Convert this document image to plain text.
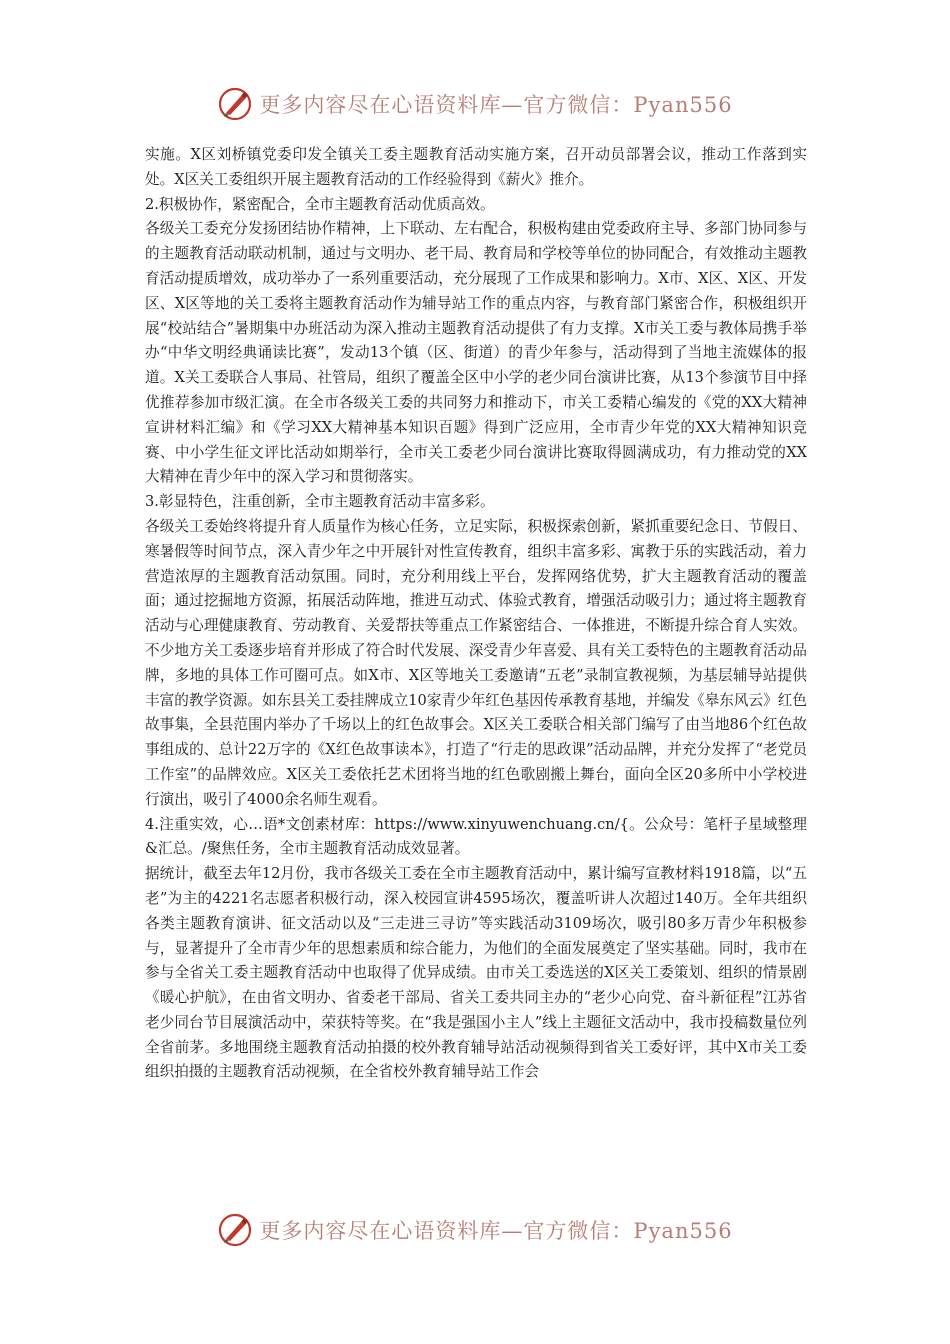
更多内容尽在心语资料库—官方微信：Pyan556

实施。X区刘桥镇党委印发全镇关工委主题教育活动实施方案，召开动员部署会议，推动工作落到实处。X区关工委组织开展主题教育活动的工作经验得到《薪火》推介。

2.积极协作，紧密配合，全市主题教育活动优质高效。

各级关工委充分发扬团结协作精神，上下联动、左右配合，积极构建由党委政府主导、多部门协同参与的主题教育活动联动机制，通过与文明办、老干局、教育局和学校等单位的协同配合，有效推动主题教育活动提质增效，成功举办了一系列重要活动，充分展现了工作成果和影响力。X市、X区、X区、开发区、X区等地的关工委将主题教育活动作为辅导站工作的重点内容，与教育部门紧密合作，积极组织开展“校站结合”暑期集中办班活动为深入推动主题教育活动提供了有力支撑。X市关工委与教体局携手举办“中华文明经典诵读比赛”，发动13个镇（区、街道）的青少年参与，活动得到了当地主流媒体的报道。X关工委联合人事局、社管局，组织了覆盖全区中小学的老少同台演讲比赛，从13个参演节目中择优推荐参加市级汇演。在全市各级关工委的共同努力和推动下，市关工委精心编发的《党的XX大精神宣讲材料汇编》和《学习XX大精神基本知识百题》得到广泛应用，全市青少年党的XX大精神知识竞赛、中小学生征文评比活动如期举行，全市关工委老少同台演讲比赛取得圆满成功，有力推动党的XX大精神在青少年中的深入学习和贯彻落实。

3.彰显特色，注重创新，全市主题教育活动丰富多彩。

各级关工委始终将提升育人质量作为核心任务，立足实际，积极探索创新，紧抓重要纪念日、节假日、寒暑假等时间节点，深入青少年之中开展针对性宣传教育，组织丰富多彩、寓教于乐的实践活动，着力营造浓厚的主题教育活动氛围。同时，充分利用线上平台，发挥网络优势，扩大主题教育活动的覆盖面；通过挖掘地方资源，拓展活动阵地，推进互动式、体验式教育，增强活动吸引力；通过将主题教育活动与心理健康教育、劳动教育、关爱帮扶等重点工作紧密结合、一体推进，不断提升综合育人实效。不少地方关工委逐步培育并形成了符合时代发展、深受青少年喜爱、具有关工委特色的主题教育活动品牌，多地的具体工作可圈可点。如X市、X区等地关工委邀请“五老”录制宣教视频，为基层辅导站提供丰富的教学资源。如东县关工委挂牌成立10家青少年红色基因传承教育基地，并编发《皋东风云》红色故事集，全县范围内举办了千场以上的红色故事会。X区关工委联合相关部门编写了由当地86个红色故事组成的、总计22万字的《X红色故事读本》，打造了“行走的思政课”活动品牌，并充分发挥了“老党员工作室”的品牌效应。X区关工委依托艺术团将当地的红色歌剧搬上舞台，面向全区20多所中小学校进行演出，吸引了4000余名师生观看。

4.注重实效，心…语*文创素材库：https://www.xinyuwenchuang.cn/{。公众号：笔杆子星域整理&汇总。/聚焦任务，全市主题教育活动成效显著。

据统计，截至去年12月份，我市各级关工委在全市主题教育活动中，累计编写宣教材料1918篇，以“五老”为主的4221名志愿者积极行动，深入校园宣讲4595场次，覆盖听讲人次超过140万。全年共组织各类主题教育演讲、征文活动以及“三走进三寻访”等实践活动3109场次，吸引80多万青少年积极参与，显著提升了全市青少年的思想素质和综合能力，为他们的全面发展奠定了坚实基础。同时，我市在参与全省关工委主题教育活动中也取得了优异成绩。由市关工委选送的X区关工委策划、组织的情景剧《暖心护航》，在由省文明办、省委老干部局、省关工委共同主办的“老少心向党、奋斗新征程”江苏省老少同台节目展演活动中，荣获特等奖。在“我是强国小主人”线上主题征文活动中，我市投稿数量位列全省前茅。多地围绕主题教育活动拍摄的校外教育辅导站活动视频得到省关工委好评，其中X市关工委组织拍摄的主题教育活动视频，在全省校外教育辅导站工作会

更多内容尽在心语资料库—官方微信：Pyan556
